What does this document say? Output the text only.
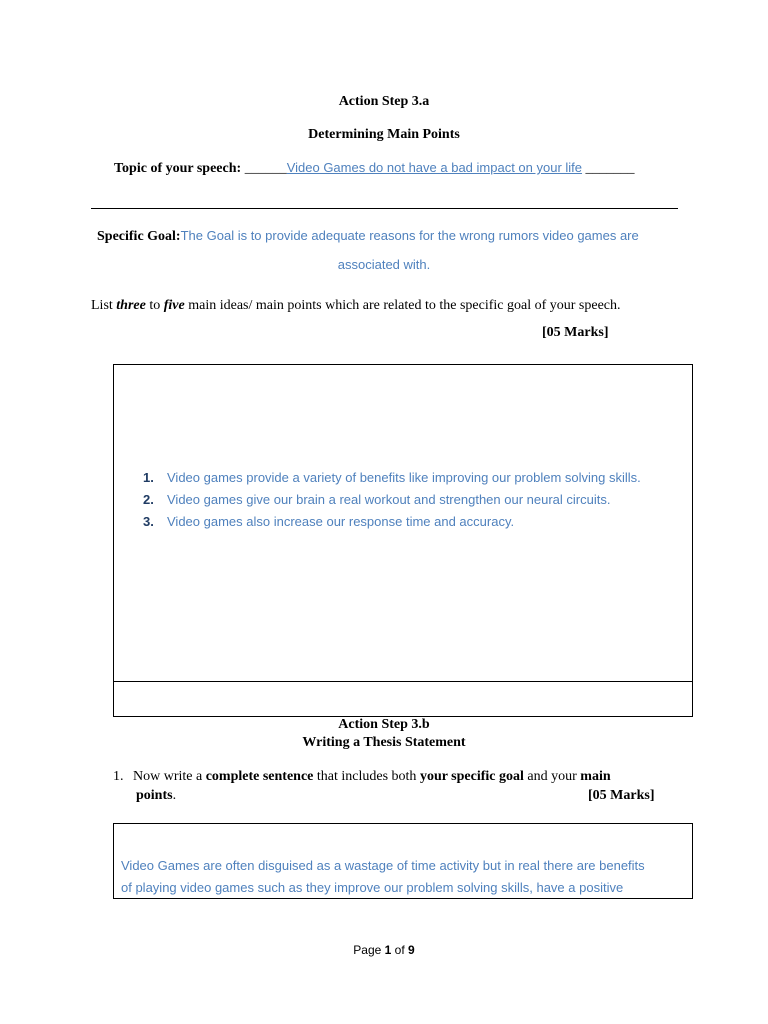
Action Step 3.a
Determining Main Points
Topic of your speech: ______Video Games do not have a bad impact on your life _______
Specific Goal:The Goal is to provide adequate reasons for the wrong rumors video games are
associated with.
List three to five main ideas/ main points which are related to the specific goal of your speech.
[05 Marks]
1.	Video games provide a variety of benefits like improving our problem solving skills.
2.	Video games give our brain a real workout and strengthen our neural circuits.
3.	Video games also increase our response time and accuracy.
Action Step 3.b
Writing a Thesis Statement
1. Now write a complete sentence that includes both your specific goal and your main
points.	[05 Marks]
Video Games are often disguised as a wastage of time activity but in real there are benefits
of playing video games such as they improve our problem solving skills, have a positive
Page 1 of 9
